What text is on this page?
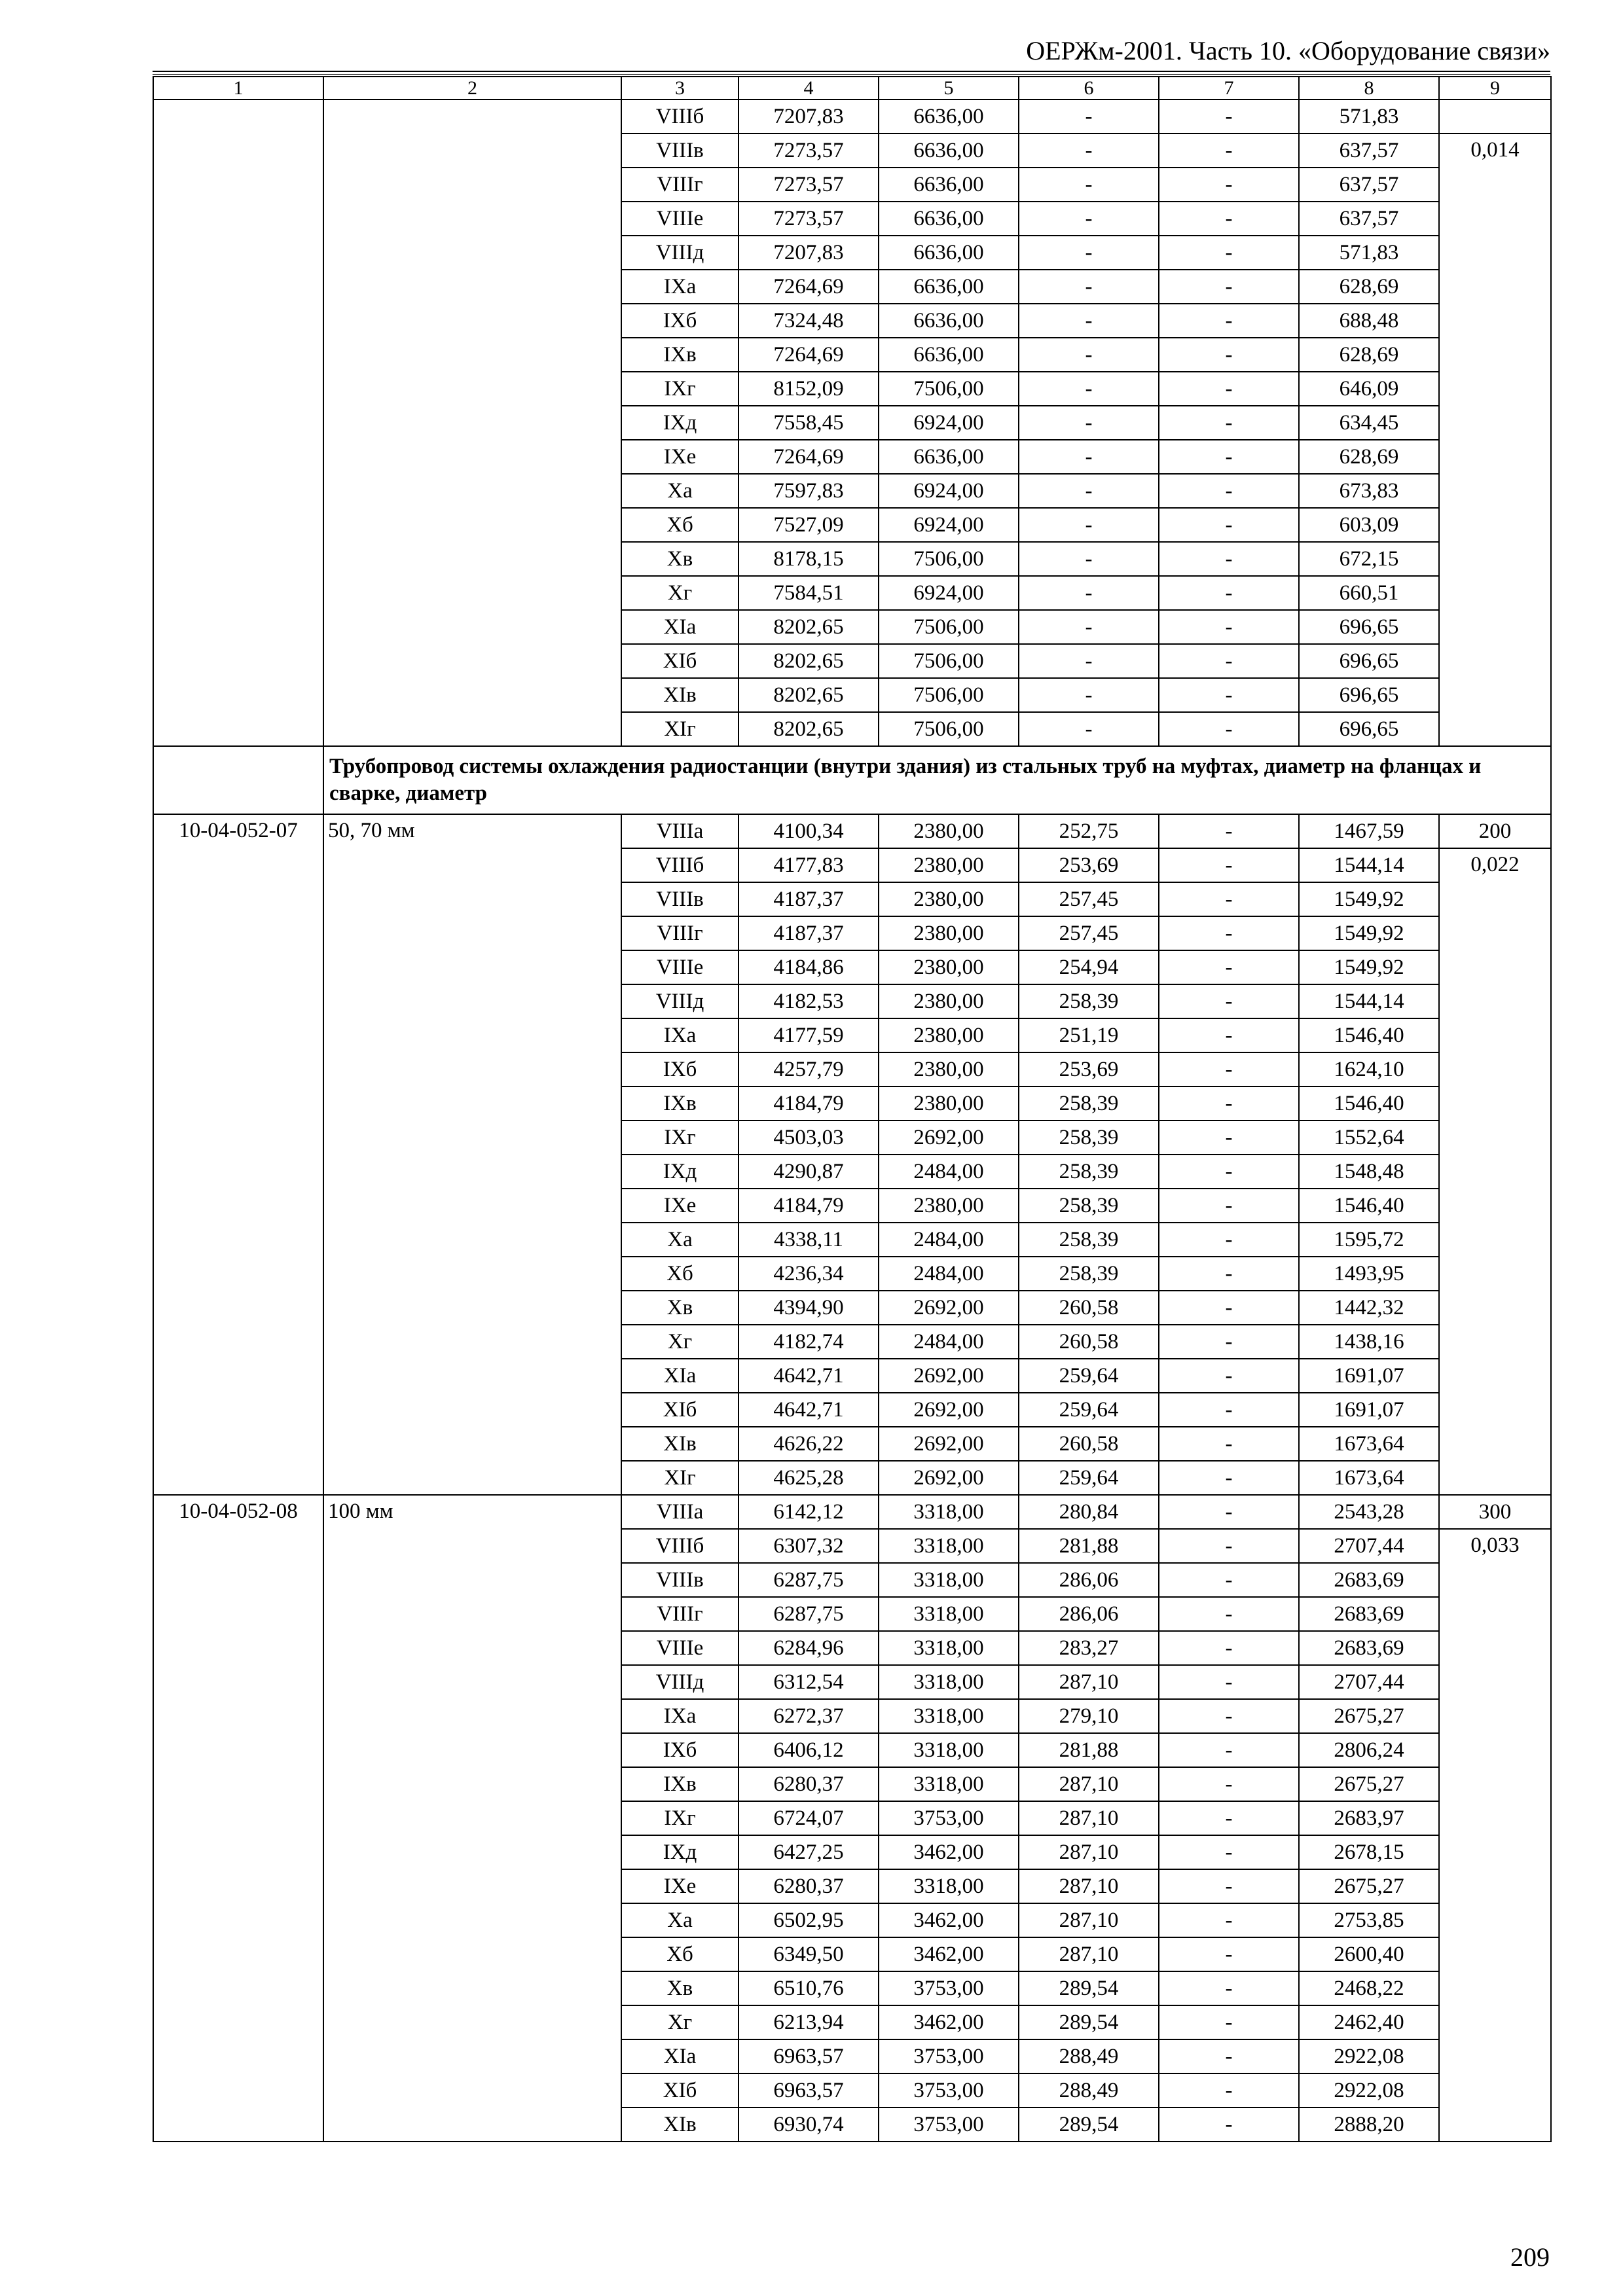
ОЕРЖм-2001. Часть 10. «Оборудование связи»
1	2	3	4	5	6	7	8	9
		VIIIб	7207,83	6636,00	-	-	571,83	
		VIIIв	7273,57	6636,00	-	-	637,57	0,014
		VIIIг	7273,57	6636,00	-	-	637,57	
		VIIIе	7273,57	6636,00	-	-	637,57	
		VIIIд	7207,83	6636,00	-	-	571,83	
		IXа	7264,69	6636,00	-	-	628,69	
		IXб	7324,48	6636,00	-	-	688,48	
		IXв	7264,69	6636,00	-	-	628,69	
		IXг	8152,09	7506,00	-	-	646,09	
		IXд	7558,45	6924,00	-	-	634,45	
		IXе	7264,69	6636,00	-	-	628,69	
		Xа	7597,83	6924,00	-	-	673,83	
		Xб	7527,09	6924,00	-	-	603,09	
		Xв	8178,15	7506,00	-	-	672,15	
		Xг	7584,51	6924,00	-	-	660,51	
		XIа	8202,65	7506,00	-	-	696,65	
		XIб	8202,65	7506,00	-	-	696,65	
		XIв	8202,65	7506,00	-	-	696,65	
		XIг	8202,65	7506,00	-	-	696,65	
	Трубопровод системы охлаждения радиостанции (внутри здания) из стальных труб на муфтах, диаметр на фланцах и сварке, диаметр							
10-04-052-07	50, 70 мм	VIIIа	4100,34	2380,00	252,75	-	1467,59	200
		VIIIб	4177,83	2380,00	253,69	-	1544,14	0,022
		VIIIв	4187,37	2380,00	257,45	-	1549,92	
		VIIIг	4187,37	2380,00	257,45	-	1549,92	
		VIIIе	4184,86	2380,00	254,94	-	1549,92	
		VIIIд	4182,53	2380,00	258,39	-	1544,14	
		IXа	4177,59	2380,00	251,19	-	1546,40	
		IXб	4257,79	2380,00	253,69	-	1624,10	
		IXв	4184,79	2380,00	258,39	-	1546,40	
		IXг	4503,03	2692,00	258,39	-	1552,64	
		IXд	4290,87	2484,00	258,39	-	1548,48	
		IXе	4184,79	2380,00	258,39	-	1546,40	
		Xа	4338,11	2484,00	258,39	-	1595,72	
		Xб	4236,34	2484,00	258,39	-	1493,95	
		Xв	4394,90	2692,00	260,58	-	1442,32	
		Xг	4182,74	2484,00	260,58	-	1438,16	
		XIа	4642,71	2692,00	259,64	-	1691,07	
		XIб	4642,71	2692,00	259,64	-	1691,07	
		XIв	4626,22	2692,00	260,58	-	1673,64	
		XIг	4625,28	2692,00	259,64	-	1673,64	
10-04-052-08	100 мм	VIIIа	6142,12	3318,00	280,84	-	2543,28	300
		VIIIб	6307,32	3318,00	281,88	-	2707,44	0,033
		VIIIв	6287,75	3318,00	286,06	-	2683,69	
		VIIIг	6287,75	3318,00	286,06	-	2683,69	
		VIIIе	6284,96	3318,00	283,27	-	2683,69	
		VIIIд	6312,54	3318,00	287,10	-	2707,44	
		IXа	6272,37	3318,00	279,10	-	2675,27	
		IXб	6406,12	3318,00	281,88	-	2806,24	
		IXв	6280,37	3318,00	287,10	-	2675,27	
		IXг	6724,07	3753,00	287,10	-	2683,97	
		IXд	6427,25	3462,00	287,10	-	2678,15	
		IXе	6280,37	3318,00	287,10	-	2675,27	
		Xа	6502,95	3462,00	287,10	-	2753,85	
		Xб	6349,50	3462,00	287,10	-	2600,40	
		Xв	6510,76	3753,00	289,54	-	2468,22	
		Xг	6213,94	3462,00	289,54	-	2462,40	
		XIа	6963,57	3753,00	288,49	-	2922,08	
		XIб	6963,57	3753,00	288,49	-	2922,08	
		XIв	6930,74	3753,00	289,54	-	2888,20	
209
